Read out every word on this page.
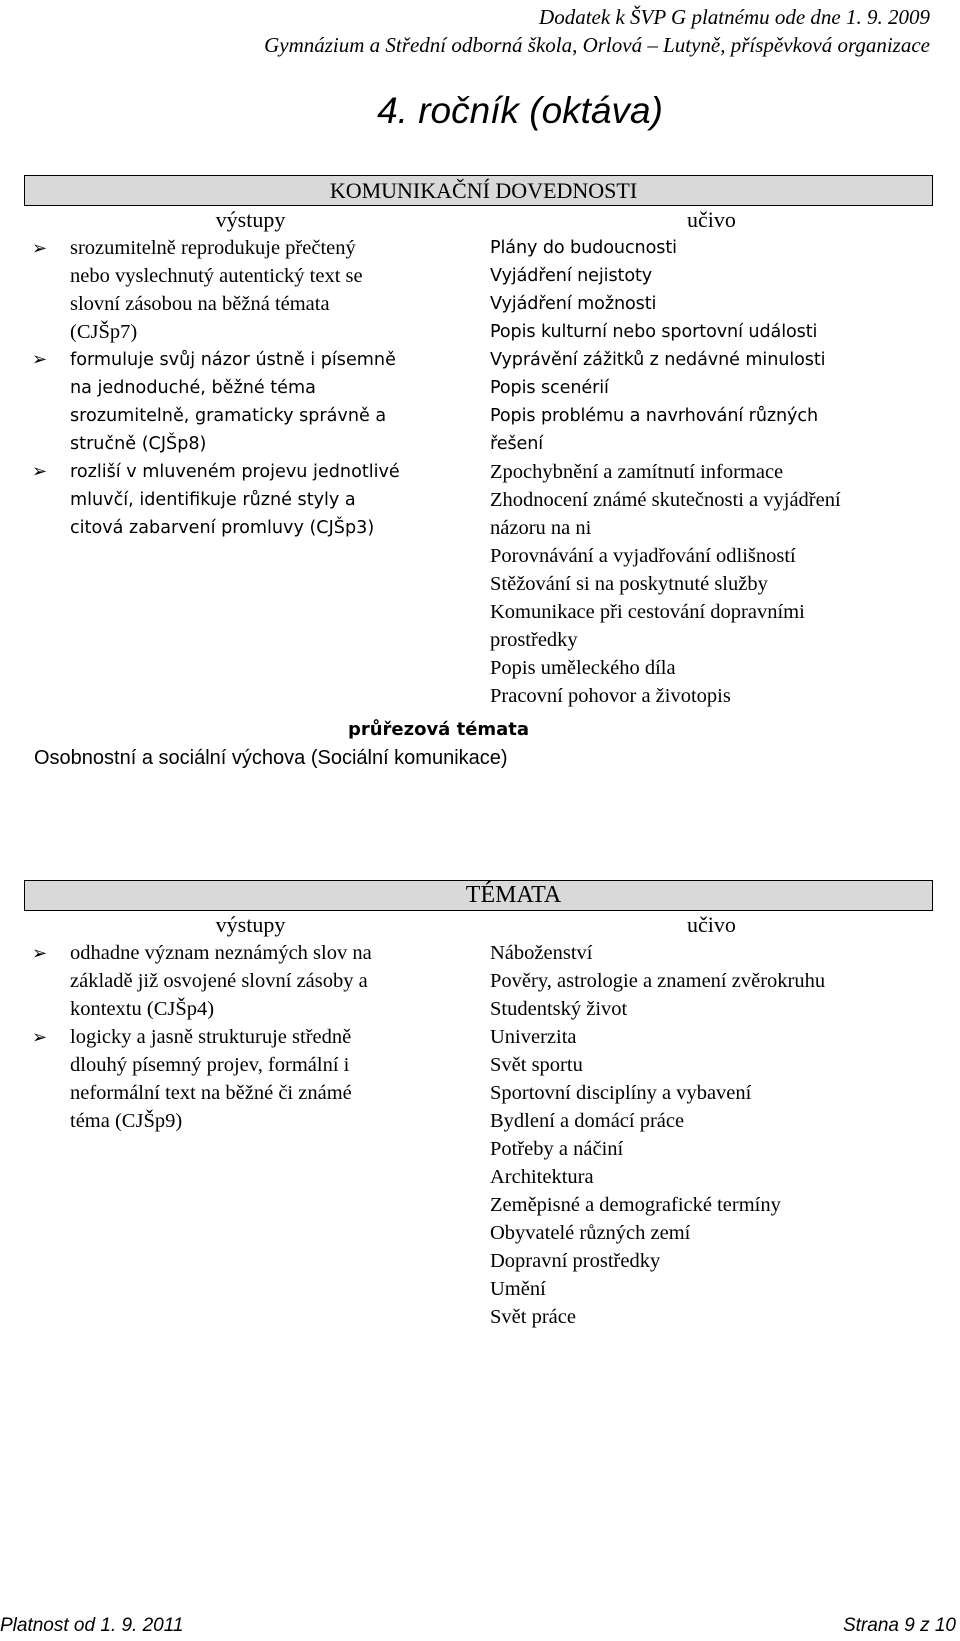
Dodatek k ŠVP G platnému ode dne 1. 9. 2009
Gymnázium a Střední odborná škola, Orlová – Lutyně, příspěvková organizace
4. ročník (oktáva)
KOMUNIKAČNÍ DOVEDNOSTI
výstupy
➢ srozumitelně reprodukuje přečtený
nebo vyslechnutý autentický text se
slovní zásobou na běžná témata
(CJŠp7)
➢ formuluje svůj názor ústně i písemně
na jednoduché, běžné téma
srozumitelně, gramaticky správně a
stručně (CJŠp8)
➢ rozliší v mluveném projevu jednotlivé
mluvčí, identifikuje různé styly a
citová zabarvení promluvy (CJŠp3)
učivo
Plány do budoucnosti
Vyjádření nejistoty
Vyjádření možnosti
Popis kulturní nebo sportovní události
Vyprávění zážitků z nedávné minulosti
Popis scenérií
Popis problému a navrhování různých
řešení
Zpochybnění a zamítnutí informace
Zhodnocení známé skutečnosti a vyjádření
názoru na ni
Porovnávání a vyjadřování odlišností
Stěžování si na poskytnuté služby
Komunikace při cestování dopravními
prostředky
Popis uměleckého díla
Pracovní pohovor a životopis
průřezová témata
Osobnostní a sociální výchova (Sociální komunikace)
TÉMATA
výstupy
➢ odhadne význam neznámých slov na
základě již osvojené slovní zásoby a
kontextu (CJŠp4)
➢ logicky a jasně strukturuje středně
dlouhý písemný projev, formální i
neformální text na běžné či známé
téma (CJŠp9)
učivo
Náboženství
Pověry, astrologie a znamení zvěrokruhu
Studentský život
Univerzita
Svět sportu
Sportovní disciplíny a vybavení
Bydlení a domácí práce
Potřeby a náčiní
Architektura
Zeměpisné a demografické termíny
Obyvatelé různých zemí
Dopravní prostředky
Umění
Svět práce
Platnost od 1. 9. 2011	Strana 9 z 10
